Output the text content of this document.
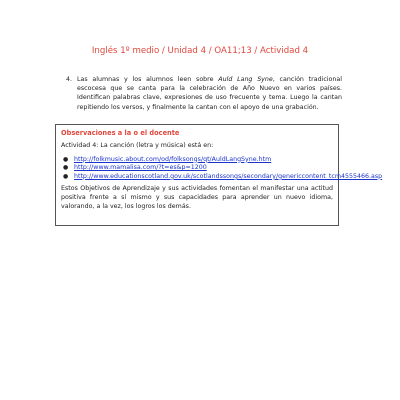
Inglés 1º medio / Unidad 4 / OA11;13 / Actividad 4
4. Las alumnas y los alumnos leen sobre Auld Lang Syne, canción tradicional escocesa que se canta para la celebración de Año Nuevo en varios países. Identifican palabras clave, expresiones de uso frecuente y tema. Luego la cantan repitiendo los versos, y finalmente la cantan con el apoyo de una grabación.
Observaciones a la o el docente
Actividad 4: La canción (letra y música) está en:
● http://folkmusic.about.com/od/folksongs/qt/AuldLangSyne.htm
● http://www.mamalisa.com/?t=es&p=1200
● http://www.educationscotland.gov.uk/scotlandssongs/secondary/genericcontent_tcm4555466.asp
Estos Objetivos de Aprendizaje y sus actividades fomentan el manifestar una actitud positiva frente a sí mismo y sus capacidades para aprender un nuevo idioma, valorando, a la vez, los logros los demás.
